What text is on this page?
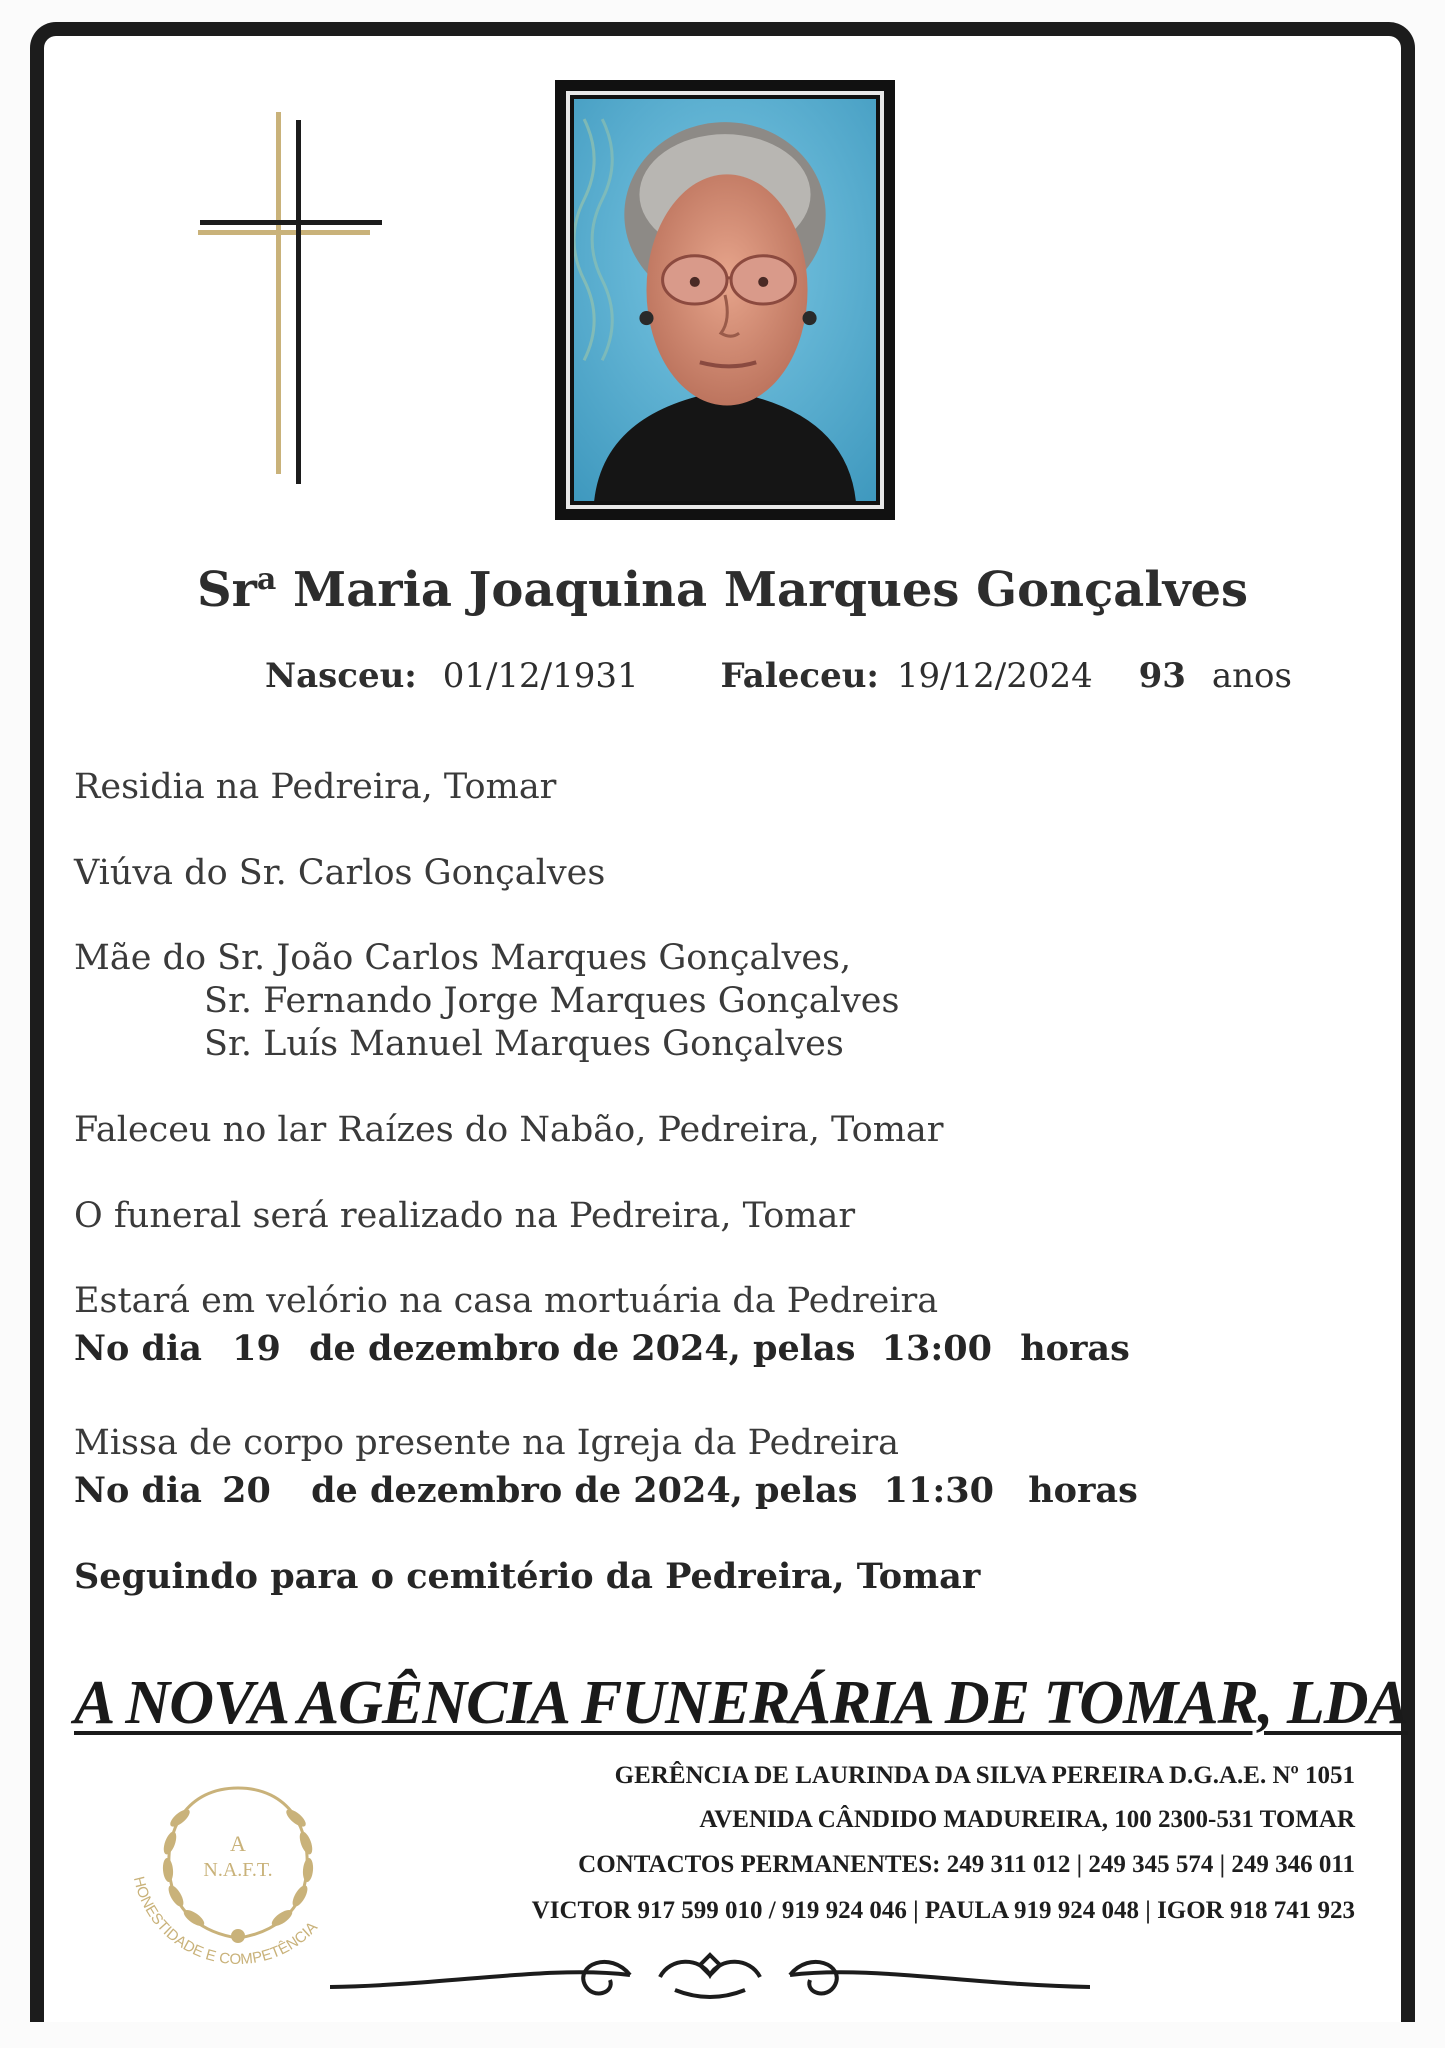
Sr$^a$ Maria Joaquina Marques Gonçalves
Nasceu: 01/12/1931 Faleceu: 19/12/2024 93 anos
Residia na Pedreira, Tomar
Viúva do Sr. Carlos Gonçalves
Mãe do Sr. João Carlos Marques Gonçalves,
Sr. Fernando Jorge Marques Gonçalves
Sr. Luís Manuel Marques Gonçalves
Faleceu no lar Raízes do Nabão, Pedreira, Tomar
O funeral será realizado na Pedreira, Tomar
Estará em velório na casa mortuária da Pedreira
No dia 19 de dezembro de 2024, pelas 13:00 horas
Missa de corpo presente na Igreja da Pedreira
No dia 20 de dezembro de 2024, pelas 11:30 horas
Seguindo para o cemitério da Pedreira, Tomar
A NOVA AGÊNCIA FUNERÁRIA DE TOMAR, LDA
GERÊNCIA DE LAURINDA DA SILVA PEREIRA D.G.A.E. Nº 1051
AVENIDA CÂNDIDO MADUREIRA, 100 2300-531 TOMAR
CONTACTOS PERMANENTES: 249 311 012 | 249 345 574 | 249 346 011
VICTOR 917 599 010 / 919 924 046 | PAULA 919 924 048 | IGOR 918 741 923
A
N.A.F.T.
HONESTIDADE E COMPETÊNCIA
